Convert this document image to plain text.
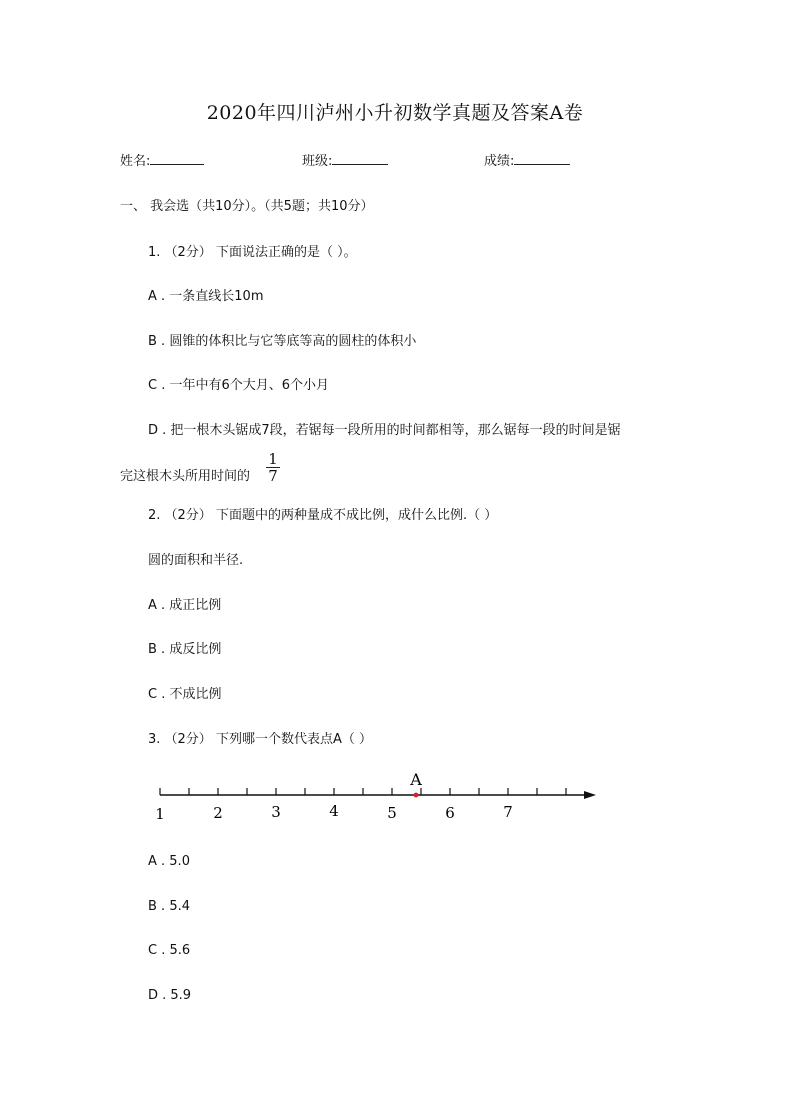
2020年四川泸州小升初数学真题及答案A卷
姓名:	班级:	成绩:
一、 我会选（共10分）。（共5题；共10分）
1. （2分） 下面说法正确的是（ ）。
A . 一条直线长10m
B . 圆锥的体积比与它等底等高的圆柱的体积小
C . 一年中有6个大月、6个小月
D . 把一根木头锯成7段，若锯每一段所用的时间都相等，那么锯每一段的时间是锯
完这根木头所用时间的
1
7
2. （2分） 下面题中的两种量成不成比例，成什么比例.（ ）
圆的面积和半径.
A . 成正比例
B . 成反比例
C . 不成比例
3. （2分） 下列哪一个数代表点A（ ）
1	2	3	4	5	6	7
A
A . 5.0
B . 5.4
C . 5.6
D . 5.9
